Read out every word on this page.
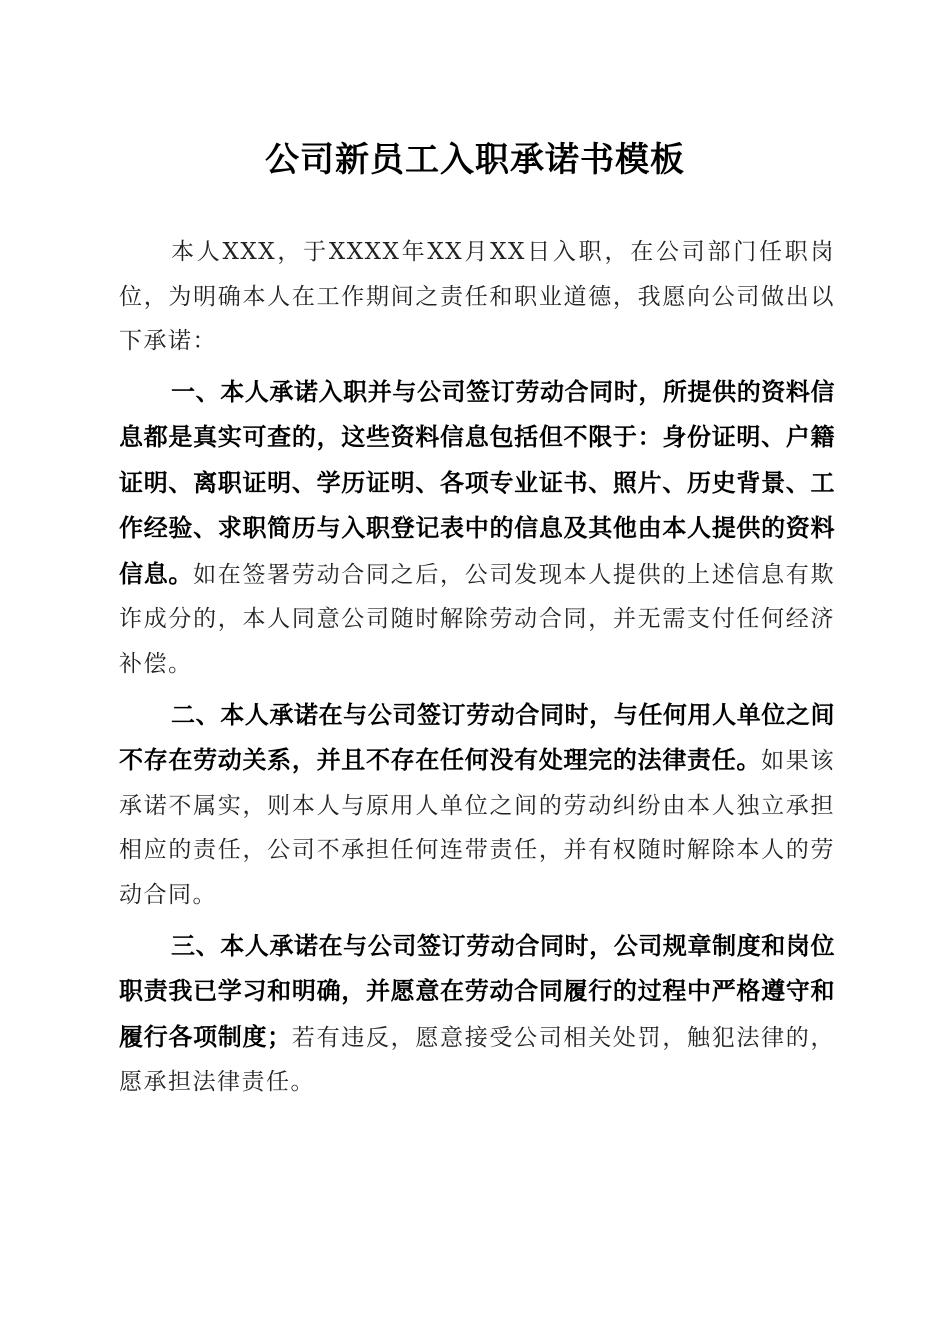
公司新员工入职承诺书模板

本人XXX，于XXXX年XX月XX日入职，在公司部门任职岗位，为明确本人在工作期间之责任和职业道德，我愿向公司做出以下承诺：

一、本人承诺入职并与公司签订劳动合同时，所提供的资料信息都是真实可查的，这些资料信息包括但不限于：身份证明、户籍证明、离职证明、学历证明、各项专业证书、照片、历史背景、工作经验、求职简历与入职登记表中的信息及其他由本人提供的资料信息。如在签署劳动合同之后，公司发现本人提供的上述信息有欺诈成分的，本人同意公司随时解除劳动合同，并无需支付任何经济补偿。

二、本人承诺在与公司签订劳动合同时，与任何用人单位之间不存在劳动关系，并且不存在任何没有处理完的法律责任。如果该承诺不属实，则本人与原用人单位之间的劳动纠纷由本人独立承担相应的责任，公司不承担任何连带责任，并有权随时解除本人的劳动合同。

三、本人承诺在与公司签订劳动合同时，公司规章制度和岗位职责我已学习和明确，并愿意在劳动合同履行的过程中严格遵守和履行各项制度；若有违反，愿意接受公司相关处罚，触犯法律的，愿承担法律责任。
